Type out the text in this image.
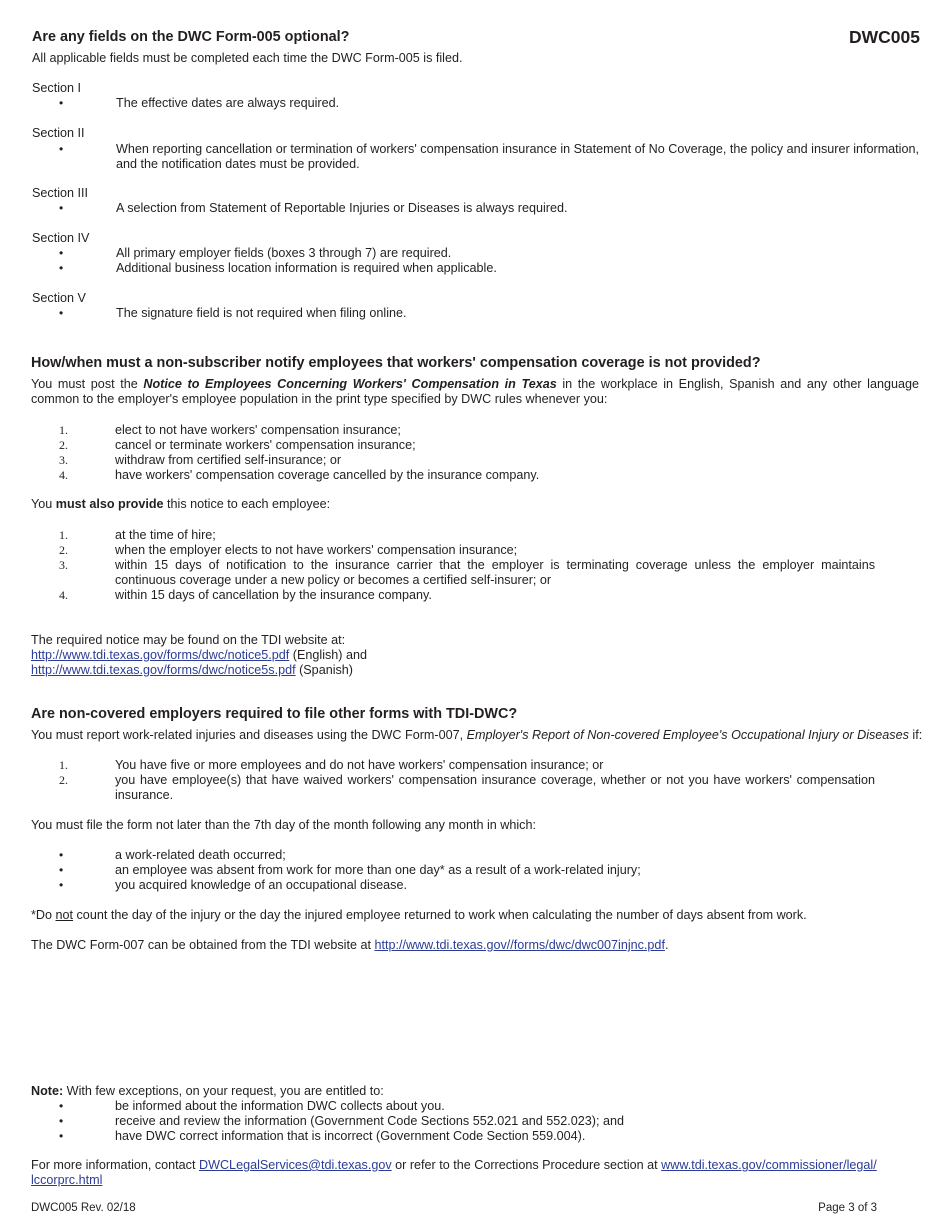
Are any fields on the DWC Form-005 optional?	DWC005
All applicable fields must be completed each time the DWC Form-005 is filed.
Section I
•	The effective dates are always required.
Section II
•	When reporting cancellation or termination of workers' compensation insurance in Statement of No Coverage, the policy and insurer information, and the notification dates must be provided.
Section III
•	A selection from Statement of Reportable Injuries or Diseases is always required.
Section IV
•	All primary employer fields (boxes 3 through 7) are required.
•	Additional business location information is required when applicable.
Section V
•	The signature field is not required when filing online.
How/when must a non-subscriber notify employees that workers' compensation coverage is not provided?
You must post the Notice to Employees Concerning Workers' Compensation in Texas in the workplace in English, Spanish and any other language common to the employer's employee population in the print type specified by DWC rules whenever you:
1.	elect to not have workers' compensation insurance;
2.	cancel or terminate workers' compensation insurance;
3.	withdraw from certified self-insurance; or
4.	have workers' compensation coverage cancelled by the insurance company.
You must also provide this notice to each employee:
1.	at the time of hire;
2.	when the employer elects to not have workers' compensation insurance;
3.	within 15 days of notification to the insurance carrier that the employer is terminating coverage unless the employer maintains continuous coverage under a new policy or becomes a certified self-insurer; or
4.	within 15 days of cancellation by the insurance company.
The required notice may be found on the TDI website at:
http://www.tdi.texas.gov/forms/dwc/notice5.pdf (English) and
http://www.tdi.texas.gov/forms/dwc/notice5s.pdf (Spanish)
Are non-covered employers required to file other forms with TDI-DWC?
You must report work-related injuries and diseases using the DWC Form-007, Employer's Report of Non-covered Employee's Occupational Injury or Diseases if:
1.	You have five or more employees and do not have workers' compensation insurance; or
2.	you have employee(s) that have waived workers' compensation insurance coverage, whether or not you have workers' compensation insurance.
You must file the form not later than the 7th day of the month following any month in which:
•	a work-related death occurred;
•	an employee was absent from work for more than one day* as a result of a work-related injury;
•	you acquired knowledge of an occupational disease.
*Do not count the day of the injury or the day the injured employee returned to work when calculating the number of days absent from work.
The DWC Form-007 can be obtained from the TDI website at http://www.tdi.texas.gov//forms/dwc/dwc007injnc.pdf.
Note: With few exceptions, on your request, you are entitled to:
•	be informed about the information DWC collects about you.
•	receive and review the information (Government Code Sections 552.021 and 552.023); and
•	have DWC correct information that is incorrect (Government Code Section 559.004).
For more information, contact DWCLegalServices@tdi.texas.gov or refer to the Corrections Procedure section at www.tdi.texas.gov/commissioner/legal/
lccorprc.html
DWC005 Rev. 02/18	Page 3 of 3
